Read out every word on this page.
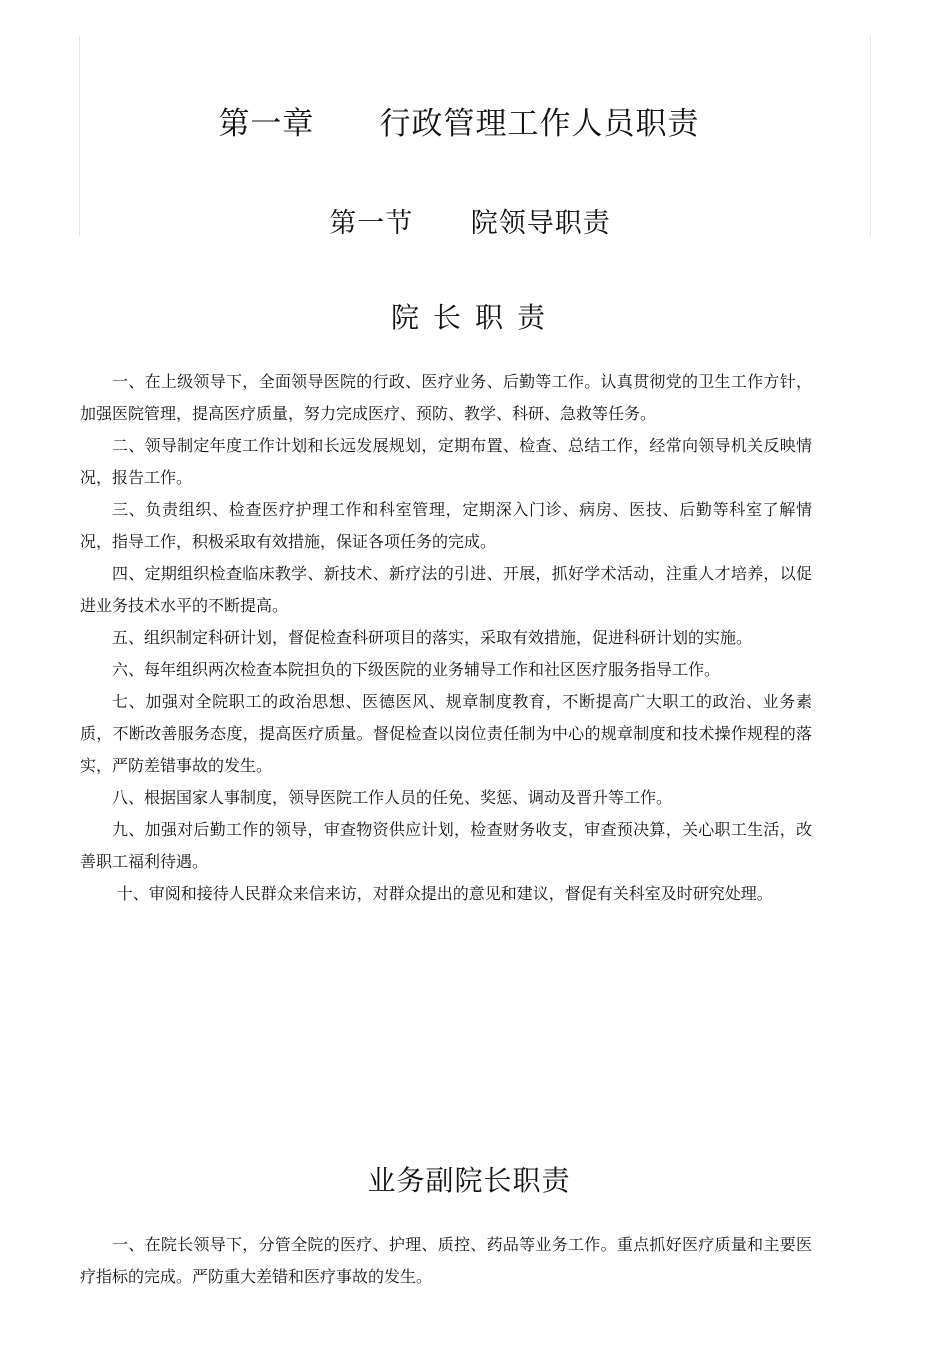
第一章      行政管理工作人员职责
第一节      院领导职责
院长职责

一、在上级领导下，全面领导医院的行政、医疗业务、后勤等工作。认真贯彻党的卫生工作方针，加强医院管理，提高医疗质量，努力完成医疗、预防、教学、科研、急救等任务。

二、领导制定年度工作计划和长远发展规划，定期布置、检查、总结工作，经常向领导机关反映情况，报告工作。

三、负责组织、检查医疗护理工作和科室管理，定期深入门诊、病房、医技、后勤等科室了解情况，指导工作，积极采取有效措施，保证各项任务的完成。

四、定期组织检查临床教学、新技术、新疗法的引进、开展，抓好学术活动，注重人才培养，以促进业务技术水平的不断提高。

五、组织制定科研计划，督促检查科研项目的落实，采取有效措施，促进科研计划的实施。

六、每年组织两次检查本院担负的下级医院的业务辅导工作和社区医疗服务指导工作。

七、加强对全院职工的政治思想、医德医风、规章制度教育，不断提高广大职工的政治、业务素质，不断改善服务态度，提高医疗质量。督促检查以岗位责任制为中心的规章制度和技术操作规程的落实，严防差错事故的发生。

八、根据国家人事制度，领导医院工作人员的任免、奖惩、调动及晋升等工作。

九、加强对后勤工作的领导，审查物资供应计划，检查财务收支，审查预决算，关心职工生活，改善职工福利待遇。

十、审阅和接待人民群众来信来访，对群众提出的意见和建议，督促有关科室及时研究处理。

业务副院长职责

一、在院长领导下，分管全院的医疗、护理、质控、药品等业务工作。重点抓好医疗质量和主要医疗指标的完成。严防重大差错和医疗事故的发生。
